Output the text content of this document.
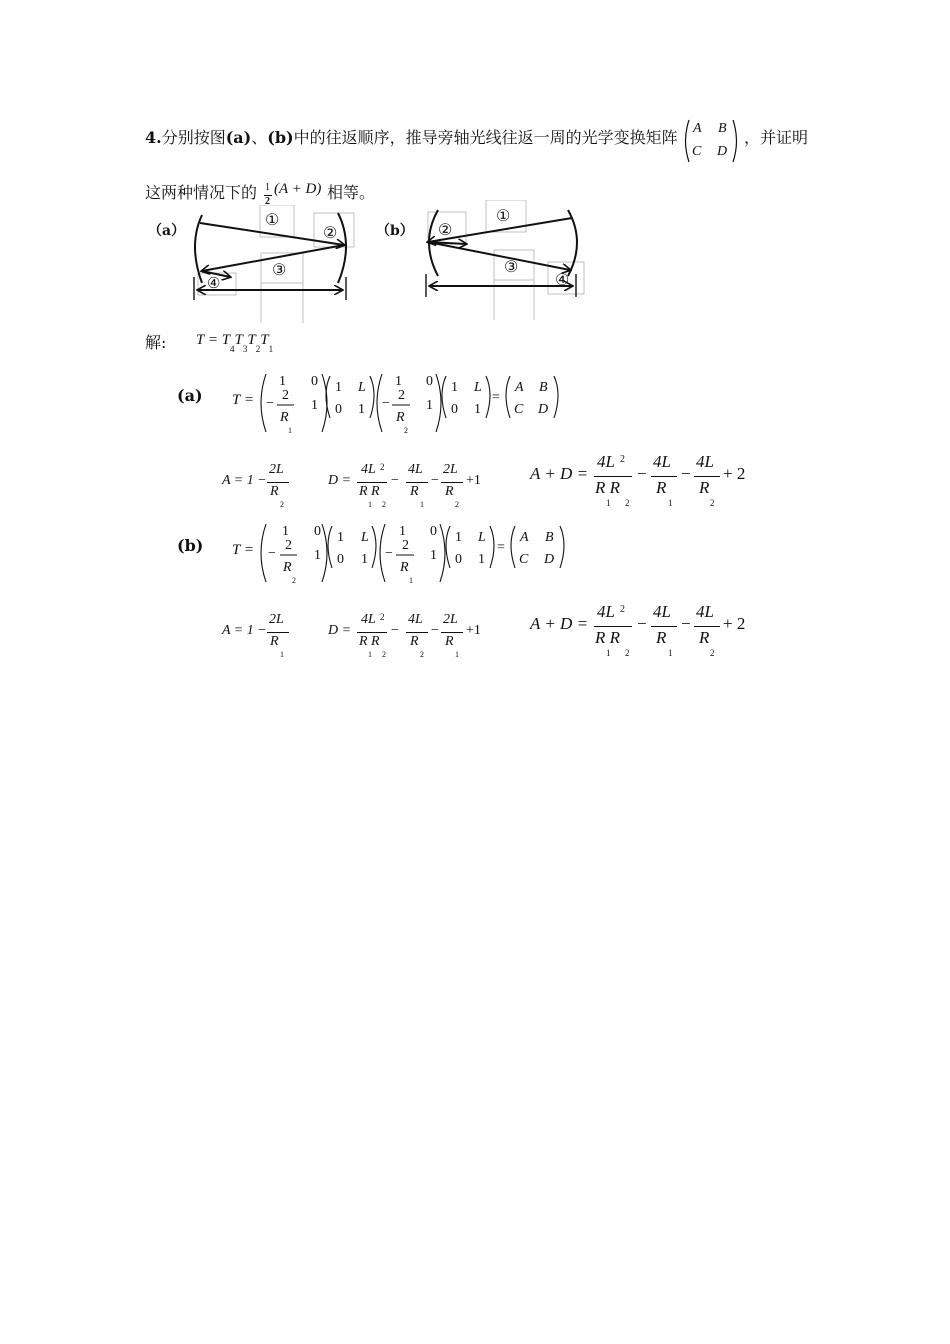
4.分别按图(a)、(b)中的往返顺序，推导旁轴光线往返一周的光学变换矩阵 A B
C D
，并证明
这两种情况下的 1
2
(A + D) 相等。
（a）	（b）
①
②
③
④
①
②
③
④
解: $T = T_4T_3T_2T_1$
(a) T =
1 0
−
2
1
R
1
1 L
0 1
1 0
−
2
1
R
2
1 L
0 1
=
A B
C D
A = 1 −
2L
R
2
D =
4L 2
R R
1 2
−
4L
R
1
−
2L
R
2
+1	A + D =
4L 2
R R
1 2
−
4L
R
1
−
4L
R
2
+ 2
(b) T =
1 0
−
2
1
R
2
1 L
0 1
1 0
−
2
1
R
1
1 L
0 1
=
A B
C D
A = 1 −
2L
R
1
D =
4L 2
R R
1 2
−
4L
R
2
−
2L
R
1
+1	A + D =
4L 2
R R
1 2
−
4L
R
1
−
4L
R
2
+ 2
